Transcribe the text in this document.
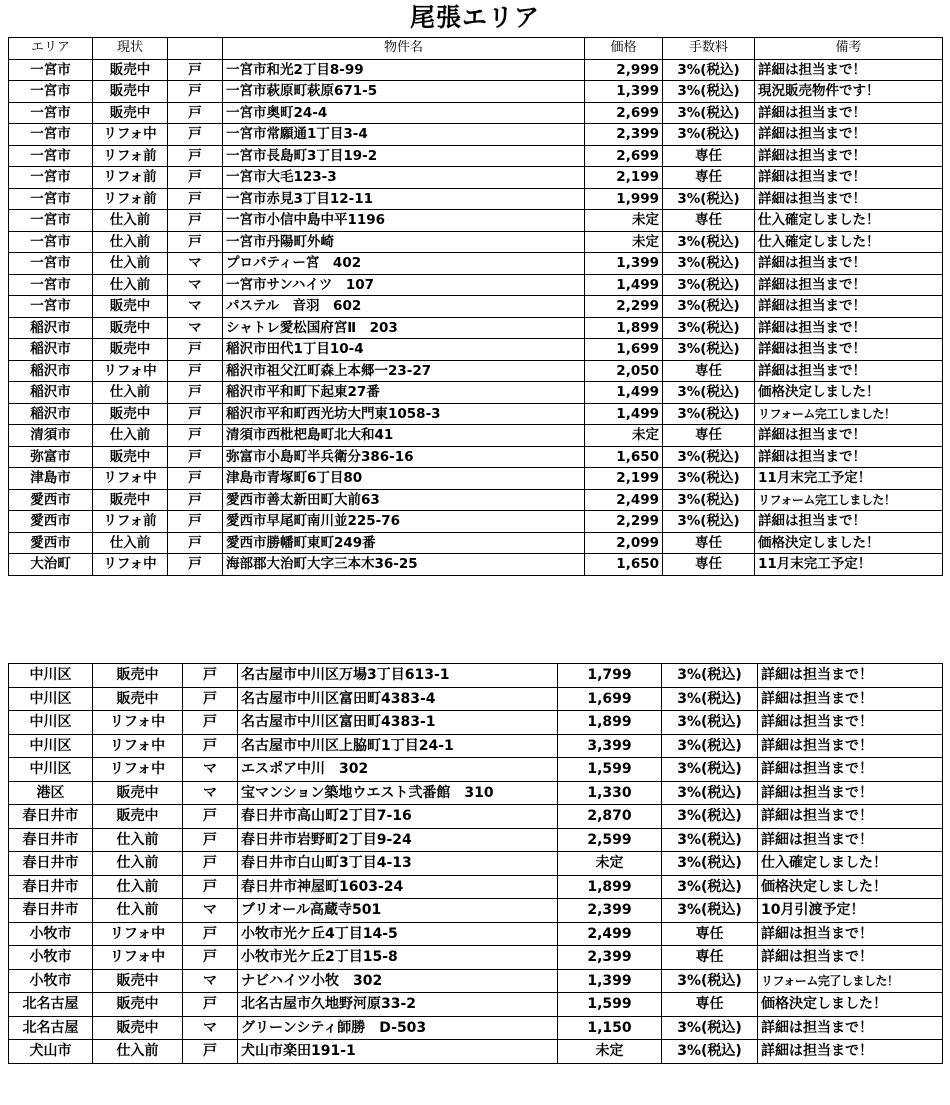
尾張エリア
エリア	現状		物件名	価格	手数料	備考
一宮市	販売中	戸	一宮市和光2丁目8-99	2,999	3%(税込)	詳細は担当まで！
一宮市	販売中	戸	一宮市萩原町萩原671-5	1,399	3%(税込)	現況販売物件です！
一宮市	販売中	戸	一宮市奥町24-4	2,699	3%(税込)	詳細は担当まで！
一宮市	リフォ中	戸	一宮市常願通1丁目3-4	2,399	3%(税込)	詳細は担当まで！
一宮市	リフォ前	戸	一宮市長島町3丁目19-2	2,699	専任	詳細は担当まで！
一宮市	リフォ前	戸	一宮市大毛123-3	2,199	専任	詳細は担当まで！
一宮市	リフォ前	戸	一宮市赤見3丁目12-11	1,999	3%(税込)	詳細は担当まで！
一宮市	仕入前	戸	一宮市小信中島中平1196	未定	専任	仕入確定しました！
一宮市	仕入前	戸	一宮市丹陽町外崎	未定	3%(税込)	仕入確定しました！
一宮市	仕入前	マ	プロパティー宮　402	1,399	3%(税込)	詳細は担当まで！
一宮市	仕入前	マ	一宮市サンハイツ　107	1,499	3%(税込)	詳細は担当まで！
一宮市	販売中	マ	パステル　音羽　602	2,299	3%(税込)	詳細は担当まで！
稲沢市	販売中	マ	シャトレ愛松国府宮Ⅱ　203	1,899	3%(税込)	詳細は担当まで！
稲沢市	販売中	戸	稲沢市田代1丁目10-4	1,699	3%(税込)	詳細は担当まで！
稲沢市	リフォ中	戸	稲沢市祖父江町森上本郷一23-27	2,050	専任	詳細は担当まで！
稲沢市	仕入前	戸	稲沢市平和町下起東27番	1,499	3%(税込)	価格決定しました！
稲沢市	販売中	戸	稲沢市平和町西光坊大門東1058-3	1,499	3%(税込)	リフォーム完工しました！
清須市	仕入前	戸	清須市西枇杷島町北大和41	未定	専任	詳細は担当まで！
弥富市	販売中	戸	弥富市小島町半兵衛分386-16	1,650	3%(税込)	詳細は担当まで！
津島市	リフォ中	戸	津島市青塚町6丁目80	2,199	3%(税込)	11月末完工予定！
愛西市	販売中	戸	愛西市善太新田町大前63	2,499	3%(税込)	リフォーム完工しました！
愛西市	リフォ前	戸	愛西市早尾町南川並225-76	2,299	3%(税込)	詳細は担当まで！
愛西市	仕入前	戸	愛西市勝幡町東町249番	2,099	専任	価格決定しました！
大治町	リフォ中	戸	海部郡大治町大字三本木36-25	1,650	専任	11月末完工予定！
中川区	販売中	戸	名古屋市中川区万場3丁目613-1	1,799	3%(税込)	詳細は担当まで！
中川区	販売中	戸	名古屋市中川区富田町4383-4	1,699	3%(税込)	詳細は担当まで！
中川区	リフォ中	戸	名古屋市中川区富田町4383-1	1,899	3%(税込)	詳細は担当まで！
中川区	リフォ中	戸	名古屋市中川区上脇町1丁目24-1	3,399	3%(税込)	詳細は担当まで！
中川区	リフォ中	マ	エスポア中川　302	1,599	3%(税込)	詳細は担当まで！
港区	販売中	マ	宝マンション築地ウエスト弐番館　310	1,330	3%(税込)	詳細は担当まで！
春日井市	販売中	戸	春日井市高山町2丁目7-16	2,870	3%(税込)	詳細は担当まで！
春日井市	仕入前	戸	春日井市岩野町2丁目9-24	2,599	3%(税込)	詳細は担当まで！
春日井市	仕入前	戸	春日井市白山町3丁目4-13	未定	3%(税込)	仕入確定しました！
春日井市	仕入前	戸	春日井市神屋町1603-24	1,899	3%(税込)	価格決定しました！
春日井市	仕入前	マ	ブリオール高蔵寺501	2,399	3%(税込)	10月引渡予定！
小牧市	リフォ中	戸	小牧市光ケ丘4丁目14-5	2,499	専任	詳細は担当まで！
小牧市	リフォ中	戸	小牧市光ケ丘2丁目15-8	2,399	専任	詳細は担当まで！
小牧市	販売中	マ	ナビハイツ小牧　302	1,399	3%(税込)	リフォーム完了しました！
北名古屋	販売中	戸	北名古屋市久地野河原33-2	1,599	専任	価格決定しました！
北名古屋	販売中	マ	グリーンシティ師勝　D-503	1,150	3%(税込)	詳細は担当まで！
犬山市	仕入前	戸	犬山市楽田191-1	未定	3%(税込)	詳細は担当まで！
